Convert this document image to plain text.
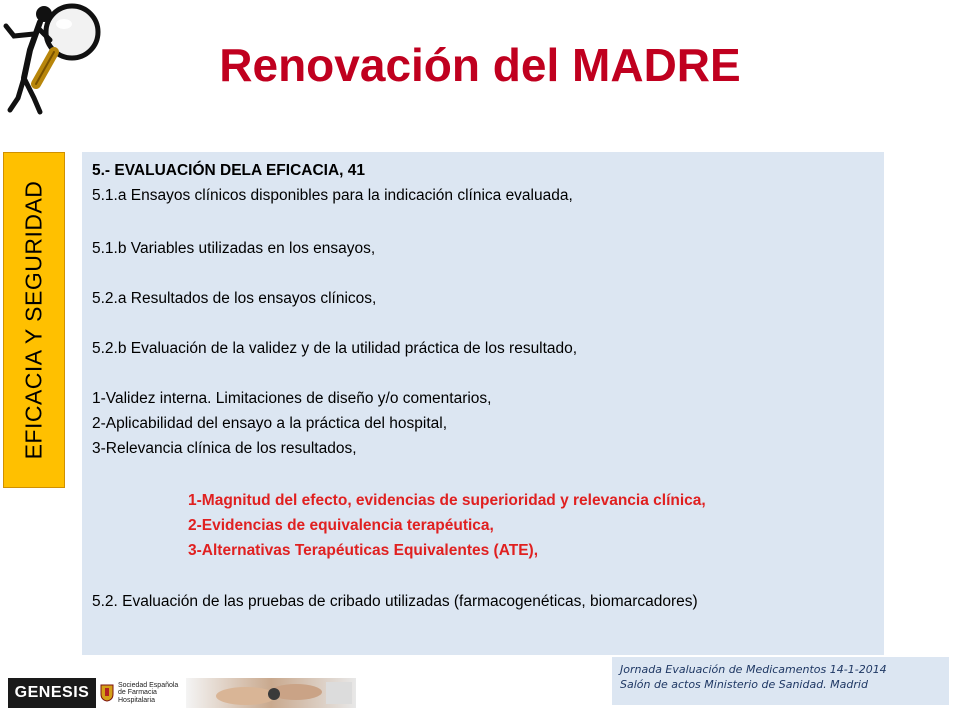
Renovación del MADRE
EFICACIA Y SEGURIDAD
5.- EVALUACIÓN DELA EFICACIA, 41
5.1.a Ensayos clínicos disponibles para la indicación clínica evaluada,
5.1.b Variables utilizadas en los ensayos,
5.2.a Resultados de los ensayos clínicos,
5.2.b Evaluación de la validez y de la utilidad práctica de los resultado,
1-Validez interna. Limitaciones de diseño y/o comentarios,
2-Aplicabilidad del ensayo a la práctica del hospital,
3-Relevancia clínica de los resultados,
1-Magnitud del efecto, evidencias de superioridad y relevancia clínica,
2-Evidencias de equivalencia terapéutica,
3-Alternativas Terapéuticas Equivalentes (ATE),
5.2. Evaluación de las pruebas de cribado utilizadas (farmacogenéticas, biomarcadores)
GENESIS	Sociedad Española de Farmacia Hospitalaria
Jornada Evaluación de Medicamentos 14-1-2014
Salón de actos Ministerio de Sanidad. Madrid
